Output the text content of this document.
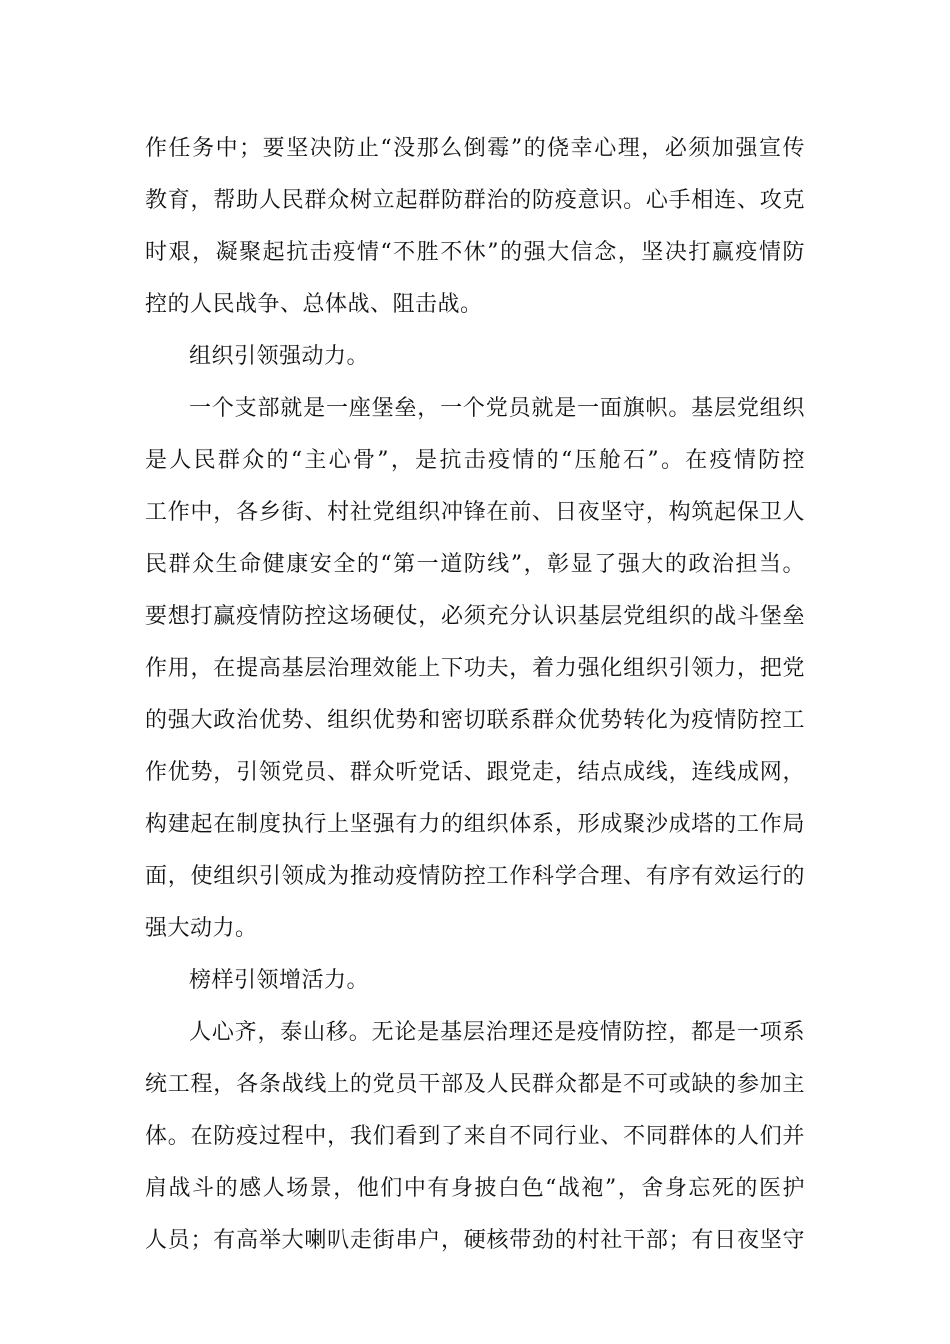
作任务中；要坚决防止“没那么倒霉”的侥幸心理，必须加强宣传
教育，帮助人民群众树立起群防群治的防疫意识。心手相连、攻克
时艰，凝聚起抗击疫情“不胜不休”的强大信念，坚决打赢疫情防
控的人民战争、总体战、阻击战。
组织引领强动力。
一个支部就是一座堡垒，一个党员就是一面旗帜。基层党组织
是人民群众的“主心骨”，是抗击疫情的“压舱石”。在疫情防控
工作中，各乡街、村社党组织冲锋在前、日夜坚守，构筑起保卫人
民群众生命健康安全的“第一道防线”，彰显了强大的政治担当。
要想打赢疫情防控这场硬仗，必须充分认识基层党组织的战斗堡垒
作用，在提高基层治理效能上下功夫，着力强化组织引领力，把党
的强大政治优势、组织优势和密切联系群众优势转化为疫情防控工
作优势，引领党员、群众听党话、跟党走，结点成线，连线成网，
构建起在制度执行上坚强有力的组织体系，形成聚沙成塔的工作局
面，使组织引领成为推动疫情防控工作科学合理、有序有效运行的
强大动力。
榜样引领增活力。
人心齐，泰山移。无论是基层治理还是疫情防控，都是一项系
统工程，各条战线上的党员干部及人民群众都是不可或缺的参加主
体。在防疫过程中，我们看到了来自不同行业、不同群体的人们并
肩战斗的感人场景，他们中有身披白色“战袍”，舍身忘死的医护
人员；有高举大喇叭走街串户，硬核带劲的村社干部；有日夜坚守
